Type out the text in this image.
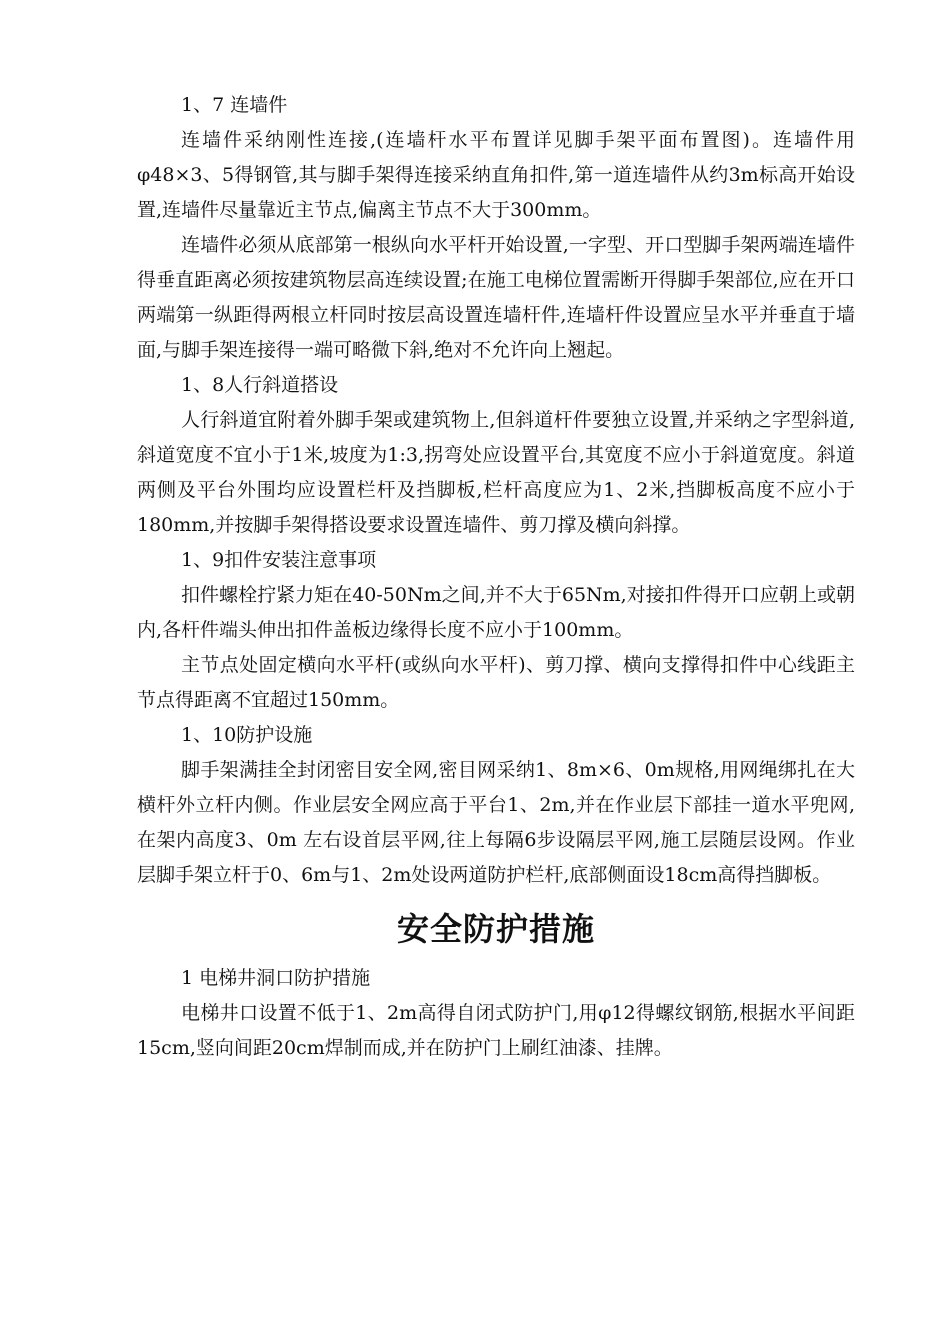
1、7 连墙件

连墙件采纳刚性连接,(连墙杆水平布置详见脚手架平面布置图)。连墙件用φ48×3、5得钢管,其与脚手架得连接采纳直角扣件,第一道连墙件从约3m标高开始设置,连墙件尽量靠近主节点,偏离主节点不大于300mm。

连墙件必须从底部第一根纵向水平杆开始设置,一字型、开口型脚手架两端连墙件得垂直距离必须按建筑物层高连续设置;在施工电梯位置需断开得脚手架部位,应在开口两端第一纵距得两根立杆同时按层高设置连墙杆件,连墙杆件设置应呈水平并垂直于墙面,与脚手架连接得一端可略微下斜,绝对不允许向上翘起。

1、8人行斜道搭设

人行斜道宜附着外脚手架或建筑物上,但斜道杆件要独立设置,并采纳之字型斜道,斜道宽度不宜小于1米,坡度为1:3,拐弯处应设置平台,其宽度不应小于斜道宽度。斜道两侧及平台外围均应设置栏杆及挡脚板,栏杆高度应为1、2米,挡脚板高度不应小于180mm,并按脚手架得搭设要求设置连墙件、剪刀撑及横向斜撑。

1、9扣件安装注意事项

扣件螺栓拧紧力矩在40-50Nm之间,并不大于65Nm,对接扣件得开口应朝上或朝内,各杆件端头伸出扣件盖板边缘得长度不应小于100mm。

主节点处固定横向水平杆(或纵向水平杆)、剪刀撑、横向支撑得扣件中心线距主节点得距离不宜超过150mm。

1、10防护设施

脚手架满挂全封闭密目安全网,密目网采纳1、8m×6、0m规格,用网绳绑扎在大横杆外立杆内侧。作业层安全网应高于平台1、2m,并在作业层下部挂一道水平兜网,在架内高度3、0m 左右设首层平网,往上每隔6步设隔层平网,施工层随层设网。作业层脚手架立杆于0、6m与1、2m处设两道防护栏杆,底部侧面设18cm高得挡脚板。

安全防护措施

1 电梯井洞口防护措施

电梯井口设置不低于1、2m高得自闭式防护门,用φ12得螺纹钢筋,根据水平间距15cm,竖向间距20cm焊制而成,并在防护门上刷红油漆、挂牌。
